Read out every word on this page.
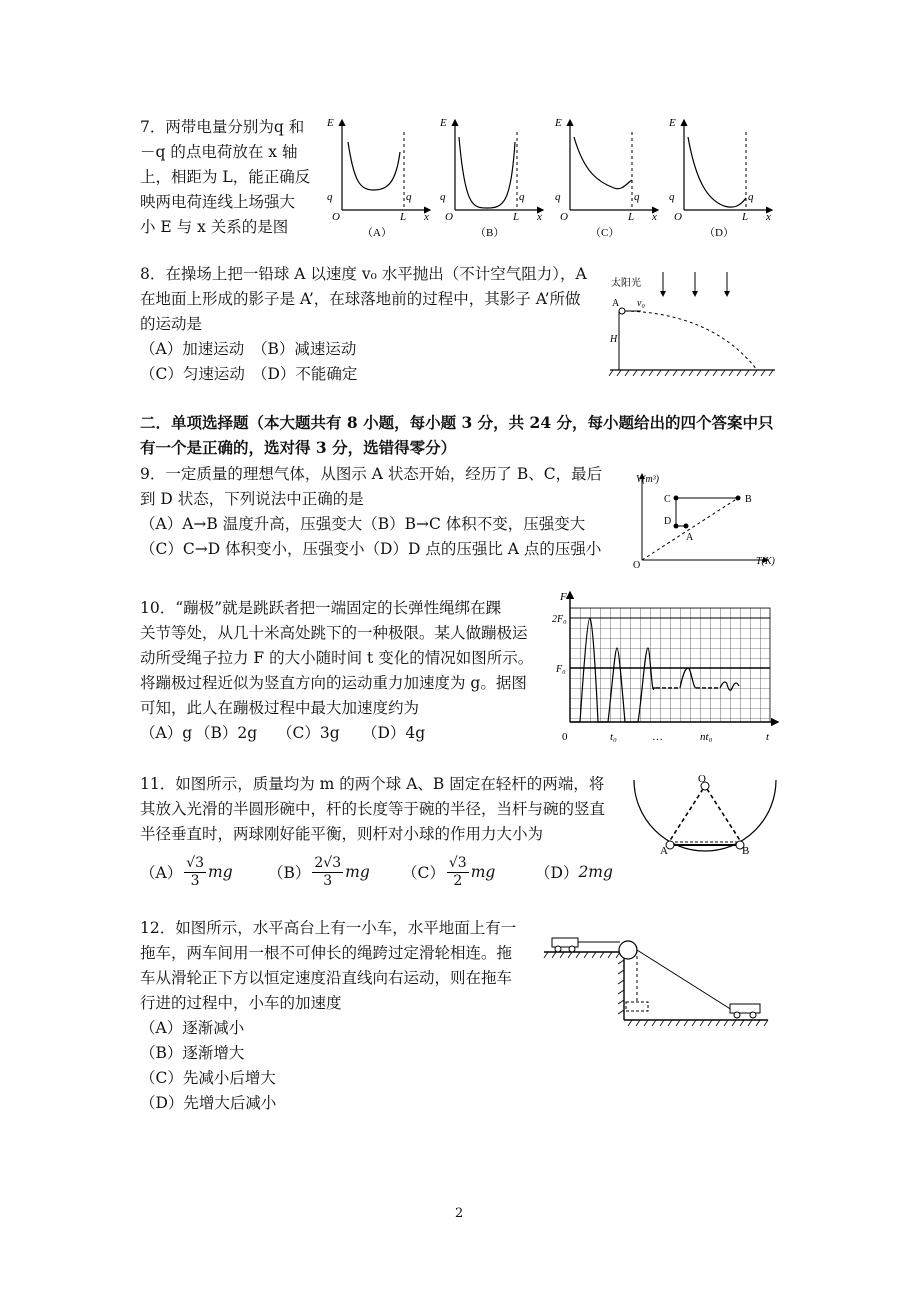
7．两带电量分别为q 和

－q 的点电荷放在 x 轴

上，相距为 L，能正确反

映两电荷连线上场强大

小 E 与 x 关系的是图

E
q	q
O	L x
（A）
E
q	q
O	L x
（B）
E
q	q
O	L x
（C）
E
q	q
O	L x
（D）

8．在操场上把一铅球 A 以速度 v₀ 水平抛出（不计空气阻力），A

在地面上形成的影子是 A’，在球落地前的过程中，其影子 A’所做

的运动是

（A）加速运动 （B）减速运动

（C）匀速运动 （D）不能确定

太阳光
A v₀
H

二．单项选择题（本大题共有 8 小题，每小题 3 分，共 24 分，每小题给出的四个答案中只

有一个是正确的，选对得 3 分，选错得零分）

9．一定质量的理想气体，从图示 A 状态开始，经历了 B、C，最后

到 D 状态，下列说法中正确的是

（A）A→B 温度升高，压强变大（B）B→C 体积不变，压强变大

（C）C→D 体积变小，压强变小（D）D 点的压强比 A 点的压强小

V(m³)
T(K)
O
C	B
D
A

10．“蹦极”就是跳跃者把一端固定的长弹性绳绑在踝

关节等处，从几十米高处跳下的一种极限。某人做蹦极运

动所受绳子拉力 F 的大小随时间 t 变化的情况如图所示。

将蹦极过程近似为竖直方向的运动重力加速度为 g。据图

可知，此人在蹦极过程中最大加速度约为

（A）g （B）2g （C）3g （D）4g

F
2F₀
F₀
0	t₀	…	nt₀	t

11．如图所示，质量均为 m 的两个球 A、B 固定在轻杆的两端，将

其放入光滑的半圆形碗中，杆的长度等于碗的半径，当杆与碗的竖直

半径垂直时，两球刚好能平衡，则杆对小球的作用力大小为

（A）
√3
3 mg （B）
2√3
3 mg （C）
√3
2 mg	（D） 2mg
O
A	B

12．如图所示，水平高台上有一小车，水平地面上有一

拖车，两车间用一根不可伸长的绳跨过定滑轮相连。拖

车从滑轮正下方以恒定速度沿直线向右运动，则在拖车

行进的过程中，小车的加速度

（A）逐渐减小

（B）逐渐增大

（C）先减小后增大

（D）先增大后减小

2
